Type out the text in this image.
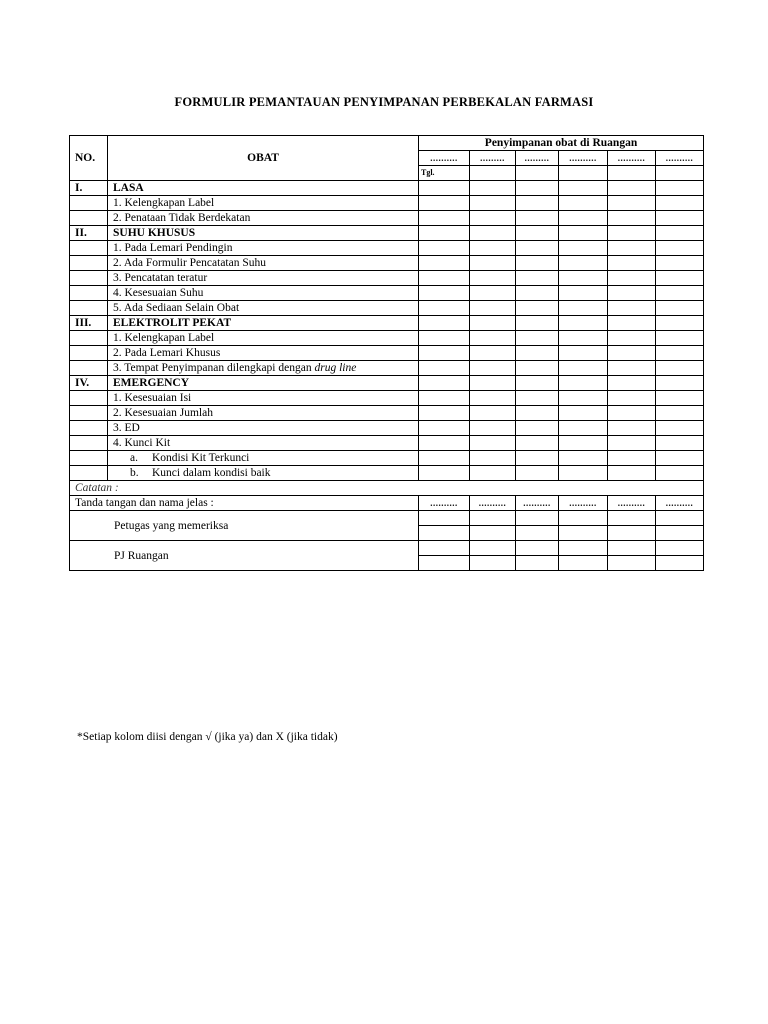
FORMULIR PEMANTAUAN PENYIMPANAN PERBEKALAN FARMASI
NO.	OBAT	Penyimpanan obat di Ruangan					
		..........	.........	.........	..........	..........	..........
		Tgl.					
I.	LASA						
	1. Kelengkapan Label						
	2. Penataan Tidak Berdekatan						
II.	SUHU KHUSUS						
	1. Pada Lemari Pendingin						
	2. Ada Formulir Pencatatan Suhu						
	3. Pencatatan teratur						
	4. Kesesuaian Suhu						
	5. Ada Sediaan Selain Obat						
III.	ELEKTROLIT PEKAT						
	1. Kelengkapan Label						
	2. Pada Lemari Khusus						
	3. Tempat Penyimpanan dilengkapi dengan drug line						
IV.	EMERGENCY						
	1. Kesesuaian Isi						
	2. Kesesuaian Jumlah						
	3. ED						
	4. Kunci Kit						
	a. Kondisi Kit Terkunci						
	b. Kunci dalam kondisi baik						
Catatan :							
Tanda tangan dan nama jelas :		..........	..........	..........	..........	..........	..........
Petugas yang memeriksa							

PJ Ruangan							

*Setiap kolom diisi dengan √ (jika ya) dan X (jika tidak)
